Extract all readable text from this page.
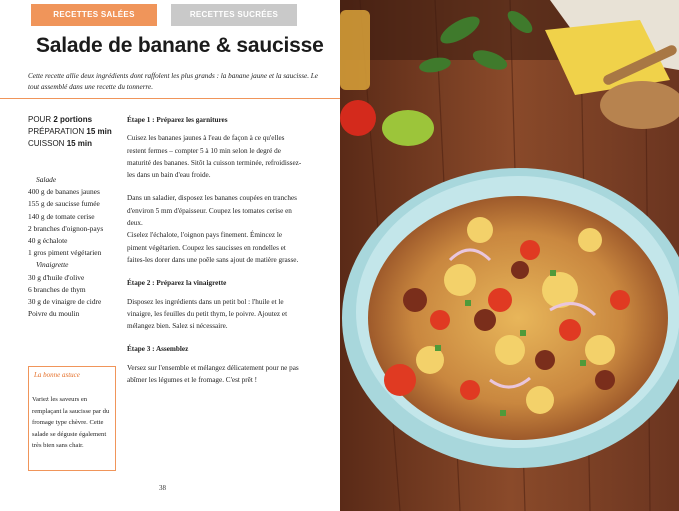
RECETTES SALÉES	RECETTES SUCRÉES
Salade de banane & saucisse
Cette recette allie deux ingrédients dont raffolent les plus grands : la banane jaune et la saucisse. Le tout assemblé dans une recette du tonnerre.
POUR 2 portions
PRÉPARATION 15 min
CUISSON 15 min
Salade
400 g de bananes jaunes
155 g de saucisse fumée
140 g de tomate cerise
2 branches d'oignon-pays
40 g échalote
1 gros piment végétarien
Vinaigrette
30 g d'huile d'olive
6 branches de thym
30 g de vinaigre de cidre
Poivre du moulin
La bonne astuce
Varież les saveurs en remplaçant la saucisse par du fromage type chèvre. Cette salade se déguste également très bien sans chair.

Étape 1 : Préparez les garnitures

Cuisez les bananes jaunes à l'eau de façon à ce qu'elles restent fermes – compter 5 à 10 min selon le degré de maturité des bananes. Sitôt la cuisson terminée, refroidissez-les dans un bain d'eau froide.

Dans un saladier, disposez les bananes coupées en tranches d'environ 5 mm d'épaisseur. Coupez les tomates cerise en deux.

Ciselez l'échalote, l'oignon pays finement. Émincez le piment végétarien. Coupez les saucisses en rondelles et faites-les dorer dans une poêle sans ajout de matière grasse.

Étape 2 : Préparez la vinaigrette

Disposez les ingrédients dans un petit bol : l'huile et le vinaigre, les feuilles du petit thym, le poivre. Ajoutez et mélangez bien. Salez si nécessaire.

Étape 3 : Assemblez

Versez sur l'ensemble et mélangez délicatement pour ne pas abîmer les légumes et le fromage. C'est prêt !

38
